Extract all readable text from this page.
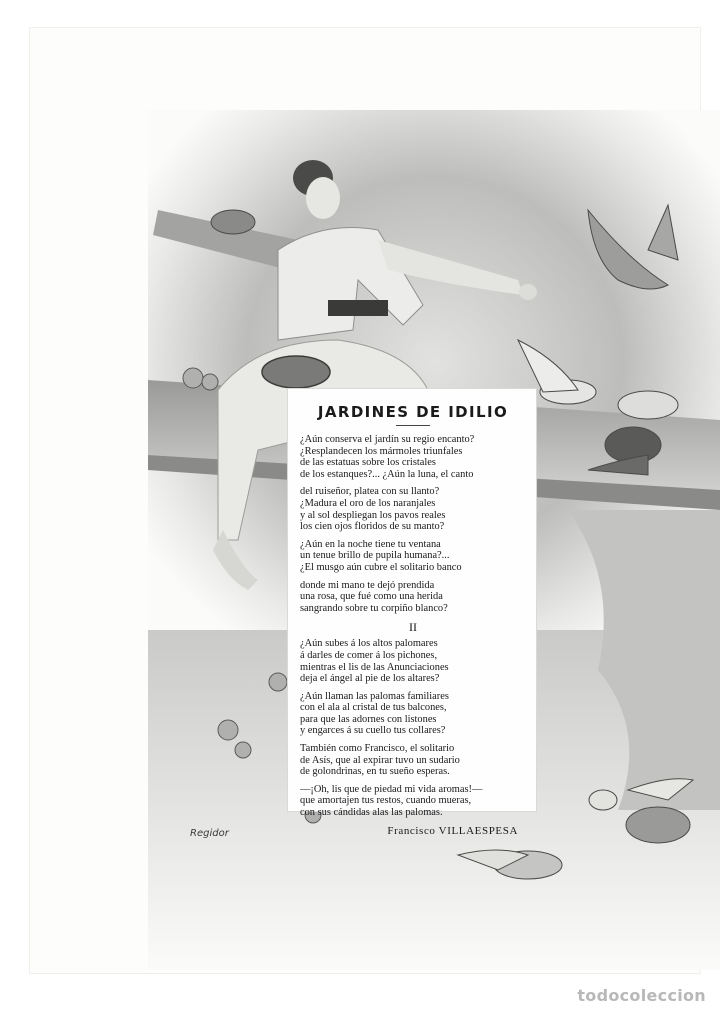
Regidor
JARDINES DE IDILIO
¿Aún conserva el jardín su regio encanto?
¿Resplandecen los mármoles triunfales
de las estatuas sobre los cristales
de los estanques?... ¿Aún la luna, el canto
del ruiseñor, platea con su llanto?
¿Madura el oro de los naranjales
y al sol despliegan los pavos reales
los cien ojos floridos de su manto?
¿Aún en la noche tiene tu ventana
un tenue brillo de pupila humana?...
¿El musgo aún cubre el solitario banco
donde mi mano te dejó prendida
una rosa, que fué como una herida
sangrando sobre tu corpiño blanco?
II
¿Aún subes á los altos palomares
á darles de comer á los pichones,
mientras el lis de las Anunciaciones
deja el ángel al pie de los altares?
¿Aún llaman las palomas familiares
con el ala al cristal de tus balcones,
para que las adornes con listones
y engarces á su cuello tus collares?
También como Francisco, el solitario
de Asís, que al expirar tuvo un sudario
de golondrinas, en tu sueño esperas.
—¡Oh, lis que de piedad mi vida aromas!—
que amortajen tus restos, cuando mueras,
con sus cándidas alas las palomas.
Francisco VILLAESPESA
todocoleccion
